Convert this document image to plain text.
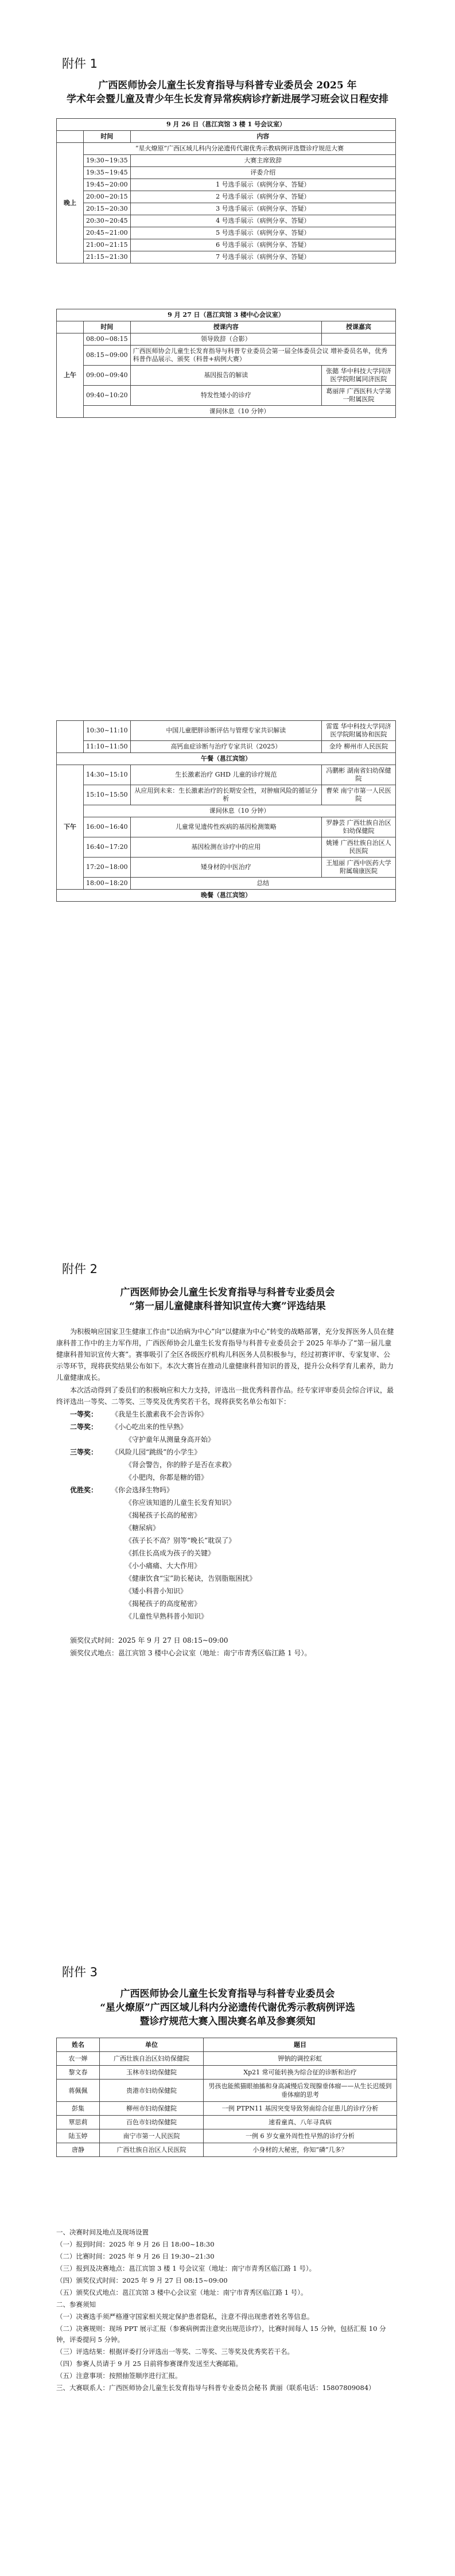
附件 1
广西医师协会儿童生长发育指导与科普专业委员会 2025 年
学术年会暨儿童及青少年生长发育异常疾病诊疗新进展学习班会议日程安排
9 月 26 日（邕江宾馆 3 楼 1 号会议室）		
	时间	内容
晚上	“星火燎原”广西区域儿科内分泌遗传代谢优秀示教病例评选暨诊疗规范大赛	
	19:30~19:35	大赛主席致辞
	19:35~19:45	评委介绍
	19:45~20:00	1 号选手展示（病例分享、答疑）
	20:00~20:15	2 号选手展示（病例分享、答疑）
	20:15~20:30	3 号选手展示（病例分享、答疑）
	20:30~20:45	4 号选手展示（病例分享、答疑）
	20:45~21:00	5 号选手展示（病例分享、答疑）
	21:00~21:15	6 号选手展示（病例分享、答疑）
	21:15~21:30	7 号选手展示（病例分享、答疑）
9 月 27 日（邕江宾馆 3 楼中心会议室）			
	时间	授课内容	授课嘉宾
上午	08:00~08:15	领导致辞（合影）	
	08:15~09:00	广西医师协会儿童生长发育指导与科普专业委员会第一届全体委员会议 增补委员名单，优秀科普作品展示、颁奖（科普+病例大赛）	
	09:00~09:40	基因报告的解读	张懿 华中科技大学同济医学院附属同济医院
	09:40~10:20	特发性矮小的诊疗	葛丽萍 广西医科大学第一附属医院
	课间休息（10 分钟）		
	10:30~11:10	中国儿童肥胖诊断评估与管理专家共识解读	雷霆 华中科技大学同济医学院附属协和医院
	11:10~11:50	高钙血症诊断与治疗专家共识（2025）	金玲 柳州市人民医院
午餐（邕江宾馆）			
下午	14:30~15:10	生长激素治疗 GHD 儿童的诊疗规范	冯鹏彬 湖南省妇幼保健院
	15:10~15:50	从应用到未来：生长激素治疗的长期安全性，对肿瘤风险的循证分析	曹荣 南宁市第一人民医院
	课间休息（10 分钟）		
	16:00~16:40	儿童常见遗传性疾病的基因检测策略	罗静芸 广西壮族自治区妇幼保健院
	16:40~17:20	基因检测在诊疗中的应用	姚锤 广西壮族自治区人民医院
	17:20~18:00	矮身材的中医治疗	王旭丽 广西中医药大学附属瑞康医院
	18:00~18:20	总结	
晚餐（邕江宾馆）			
附件 2
广西医师协会儿童生长发育指导与科普专业委员会
“第一届儿童健康科普知识宣传大赛”评选结果

为积极响应国家卫生健康工作由“以治病为中心”向“以健康为中心”转变的战略部署，充分发挥医务人员在健康科普工作中的主力军作用，广西医师协会儿童生长发育指导与科普专业委员会于 2025 年举办了“第一届儿童健康科普知识宣传大赛”。赛事吸引了全区各级医疗机构儿科医务人员积极参与，经过初赛评审、专家复审、公示等环节，现将获奖结果公布如下。本次大赛旨在推动儿童健康科普知识的普及，提升公众科学育儿素养，助力儿童健康成长。

本次活动得到了委员们的积极响应和大力支持，评选出一批优秀科普作品。经专家评审委员会综合评议，最终评选出一等奖、二等奖、三等奖及优秀奖若干名，现将获奖名单公布如下：

一等奖： 《我是生长激素我不会告诉你》

二等奖： 《小心吃出来的性早熟》

《守护童年从测量身高开始》

三等奖： 《风险儿园“跳级”的小学生》

《肾会警告，你的脖子是否在求救》

《小肥肉，你都是糖的错》

优胜奖： 《你会选择生物吗》

《你应该知道的儿童生长发育知识》

《揭秘孩子长高的秘密》

《糖尿病》

《孩子长不高？别等“晚长”耽误了》

《抓住长高成为孩子的关键》

《小小痛痛、大大作用》

《健康饮食“宝”助长秘诀，告别脂瓶困扰》

《矮小科普小知识》

《揭秘孩子的高度秘密》

《儿童性早熟科普小知识》

颁奖仪式时间：2025 年 9 月 27 日 08:15~09:00

颁奖仪式地点：邕江宾馆 3 楼中心会议室（地址：南宁市青秀区临江路 1 号）。

附件 3
广西医师协会儿童生长发育指导与科普专业委员会
“星火燎原”广西区域儿科内分泌遗传代谢优秀示教病例评选
暨诊疗规范大赛入围决赛名单及参赛须知
姓名	单位	题目
农一婵	广西壮族自治区妇幼保健院	钾钠的调控彩虹
黎文春	玉林市妇幼保健院	Xp21 常可能转换为综合征的诊断和治疗
蒋佩佩	贵港市妇幼保健院	男孩也能熊猫眼抽搐和身高减慢后发现腺垂体瘤——从生长迟缓到垂体瘤的思考
彭集	柳州市妇幼保健院	一例 PTPN11 基因突变导致努南综合征患儿的诊疗分析
覃思莉	百色市妇幼保健院	速看童真、八年寻真病
陆玉婷	南宁市第一人民医院	一例 6 岁女童外周性性早熟的诊疗分析
唐静	广西壮族自治区人民医院	小身材的大秘密，你知“磷”几多？

一、决赛时间及地点及现场设置

（一）报到时间：2025 年 9 月 26 日 18:00~18:30

（二）比赛时间：2025 年 9 月 26 日 19:30~21:30

（三）报到及决赛地点：邕江宾馆 3 楼 1 号会议室（地址：南宁市青秀区临江路 1 号）。

（四）颁奖仪式时间：2025 年 9 月 27 日 08:15~09:00

（五）颁奖仪式地点：邕江宾馆 3 楼中心会议室（地址：南宁市青秀区临江路 1 号）。

二、参赛须知

（一）决赛选手须严格遵守国家相关规定保护患者隐私，注意不得出现患者姓名等信息。

（二）决赛规则：现场 PPT 展示汇报（参赛病例需注意突出规范诊疗），比赛时间每人 15 分钟，包括汇报 10 分钟，评委提问 5 分钟。

（三）评选结果：根据评委打分评选出一等奖、二等奖、三等奖及优秀奖若干名。

（四）参赛人员请于 9 月 25 日前将参赛课件发送至大赛邮箱。

（五）注意事项：按照抽签顺序进行汇报。

三、大赛联系人：广西医师协会儿童生长发育指导与科普专业委员会秘书 黄丽（联系电话：15807809084）
